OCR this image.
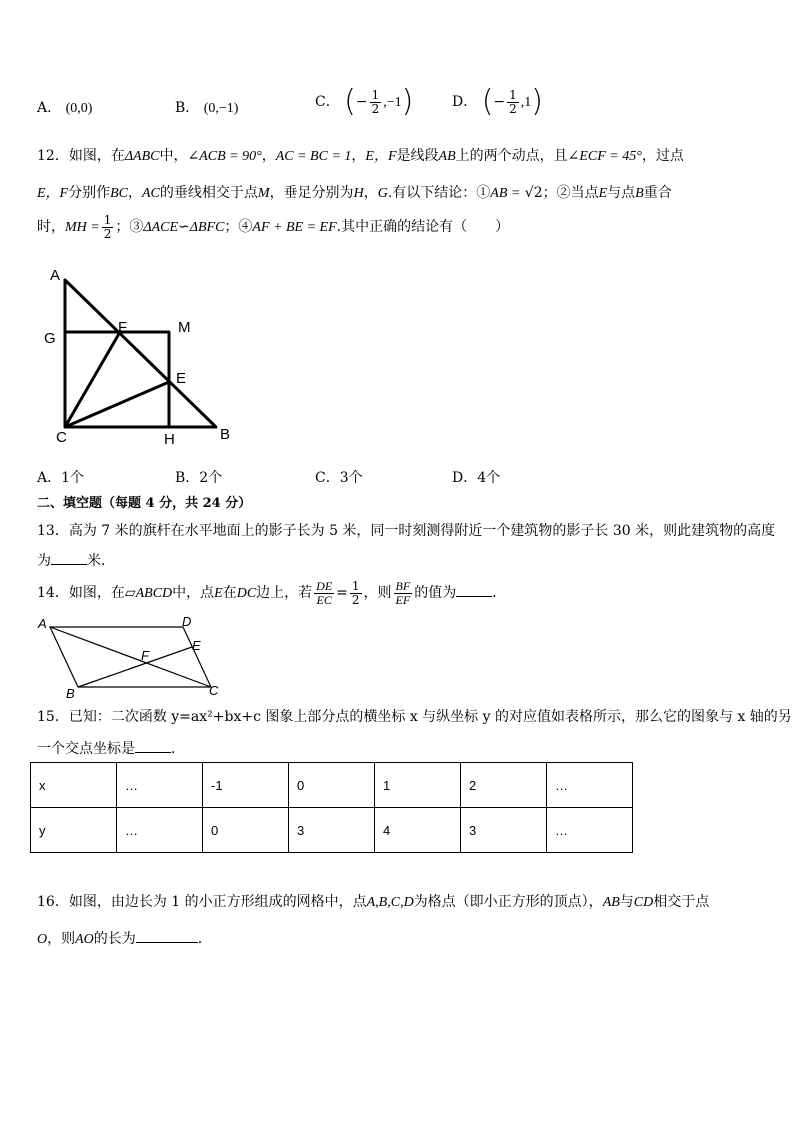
A． (0,0)	B． (0,−1)	C． (− $\frac{1}{2} ,-1$)	D． (− $\frac{1}{2} ,1$)
12．如图，在ΔABC中，∠ACB = 90°，AC = BC = 1，E，F是线段AB上的两个动点，且∠ECF = 45°，过点
E，F分别作BC，AC的垂线相交于点M，垂足分别为H，G.有以下结论：①AB = √2；②当点E与点B重合
时，MH = $\frac{1}{2}$ ；③ΔACE∽ΔBFC；④AF + BE = EF.其中正确的结论有（　　）
A
G
F	M
E
C	H	B
A．1个	B．2个	C．3个	D．4个
二、填空题（每题 4 分，共 24 分）
13．高为 7 米的旗杆在水平地面上的影子长为 5 米，同一时刻测得附近一个建筑物的影子长 30 米，则此建筑物的高度
为	米．
14．如图，在▱ABCD中，点E在DC边上，若 $\frac{DE}{EC} = \frac{1}{2}$ ，则 $\frac{BF}{EF}$ 的值为	．
A	D
E
F
B	C
15．已知：二次函数 y=ax²+bx+c 图象上部分点的横坐标 x 与纵坐标 y 的对应值如表格所示，那么它的图象与 x 轴的另
一个交点坐标是	．
x	…	-1	0	1	2	…
y	…	0	3	4	3	…
16．如图，由边长为 1 的小正方形组成的网格中，点A,B,C,D为格点（即小正方形的顶点），AB与CD相交于点
O，则AO的长为	．
